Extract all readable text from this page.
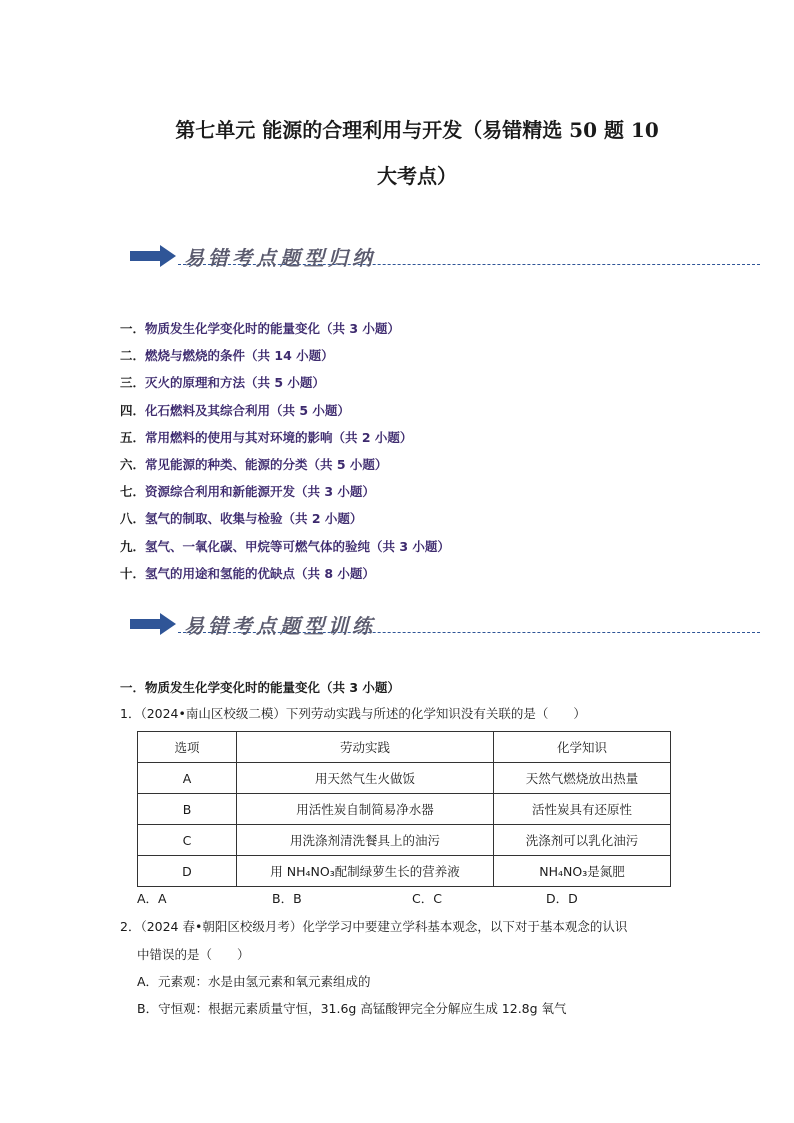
第七单元 能源的合理利用与开发（易错精选 50 题 10
大考点）
易错考点题型归纳
一．物质发生化学变化时的能量变化（共 3 小题）
二．燃烧与燃烧的条件（共 14 小题）
三．灭火的原理和方法（共 5 小题）
四．化石燃料及其综合利用（共 5 小题）
五．常用燃料的使用与其对环境的影响（共 2 小题）
六．常见能源的种类、能源的分类（共 5 小题）
七．资源综合利用和新能源开发（共 3 小题）
八．氢气的制取、收集与检验（共 2 小题）
九．氢气、一氧化碳、甲烷等可燃气体的验纯（共 3 小题）
十．氢气的用途和氢能的优缺点（共 8 小题）
易错考点题型训练
一．物质发生化学变化时的能量变化（共 3 小题）
1．（2024•南山区校级二模）下列劳动实践与所述的化学知识没有关联的是（　　）
选项	劳动实践	化学知识
A	用天然气生火做饭	天然气燃烧放出热量
B	用活性炭自制简易净水器	活性炭具有还原性
C	用洗涤剂清洗餐具上的油污	洗涤剂可以乳化油污
D	用 NH₄NO₃配制绿萝生长的营养液	NH₄NO₃是氮肥
A．A	B．B	C．C	D．D
2．（2024 春•朝阳区校级月考）化学学习中要建立学科基本观念，以下对于基本观念的认识
中错误的是（　　）
A．元素观：水是由氢元素和氧元素组成的
B．守恒观：根据元素质量守恒，31.6g 高锰酸钾完全分解应生成 12.8g 氧气
